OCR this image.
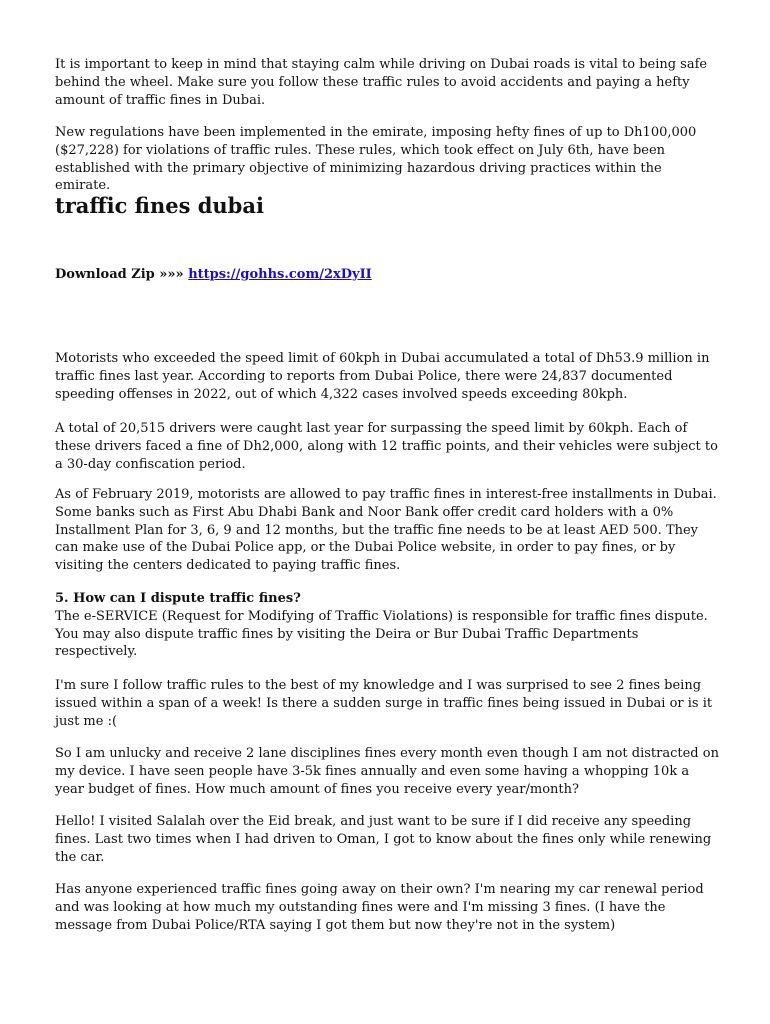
It is important to keep in mind that staying calm while driving on Dubai roads is vital to being safe behind the wheel. Make sure you follow these traffic rules to avoid accidents and paying a hefty amount of traffic fines in Dubai.

New regulations have been implemented in the emirate, imposing hefty fines of up to Dh100,000 ($27,228) for violations of traffic rules. These rules, which took effect on July 6th, have been established with the primary objective of minimizing hazardous driving practices within the emirate.

traffic fines dubai
Download Zip »»» https://gohhs.com/2xDyII

Motorists who exceeded the speed limit of 60kph in Dubai accumulated a total of Dh53.9 million in traffic fines last year. According to reports from Dubai Police, there were 24,837 documented speeding offenses in 2022, out of which 4,322 cases involved speeds exceeding 80kph.

A total of 20,515 drivers were caught last year for surpassing the speed limit by 60kph. Each of these drivers faced a fine of Dh2,000, along with 12 traffic points, and their vehicles were subject to a 30-day confiscation period.

As of February 2019, motorists are allowed to pay traffic fines in interest-free installments in Dubai. Some banks such as First Abu Dhabi Bank and Noor Bank offer credit card holders with a 0% Installment Plan for 3, 6, 9 and 12 months, but the traffic fine needs to be at least AED 500. They can make use of the Dubai Police app, or the Dubai Police website, in order to pay fines, or by visiting the centers dedicated to paying traffic fines.

5. How can I dispute traffic fines?
The e-SERVICE (Request for Modifying of Traffic Violations) is responsible for traffic fines dispute. You may also dispute traffic fines by visiting the Deira or Bur Dubai Traffic Departments respectively.

I'm sure I follow traffic rules to the best of my knowledge and I was surprised to see 2 fines being issued within a span of a week! Is there a sudden surge in traffic fines being issued in Dubai or is it just me :(

So I am unlucky and receive 2 lane disciplines fines every month even though I am not distracted on my device. I have seen people have 3-5k fines annually and even some having a whopping 10k a year budget of fines. How much amount of fines you receive every year/month?

Hello! I visited Salalah over the Eid break, and just want to be sure if I did receive any speeding fines. Last two times when I had driven to Oman, I got to know about the fines only while renewing the car.

Has anyone experienced traffic fines going away on their own? I'm nearing my car renewal period and was looking at how much my outstanding fines were and I'm missing 3 fines. (I have the message from Dubai Police/RTA saying I got them but now they're not in the system)
